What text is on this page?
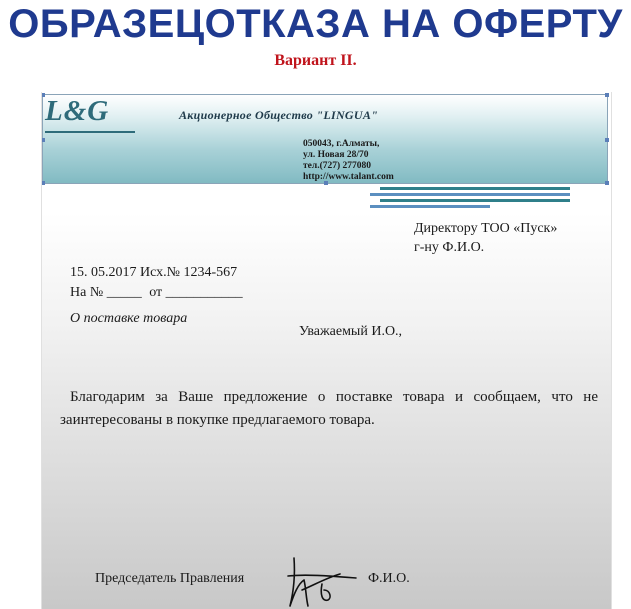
ОБРАЗЕЦОТКАЗА НА ОФЕРТУ
Вариант II.
L&G	Акционерное Общество "LINGUA"
050043, г.Алматы,
ул. Новая 28/70
тел.(727) 277080
http://www.talant.com
Директору ТОО «Пуск»
г-ну Ф.И.О.
15. 05.2017 Исх.№ 1234-567
На № _____ от ___________
О поставке товара
Уважаемый И.О.,
Благодарим за Ваше предложение о поставке товара и сообщаем, что не заинтересованы в покупке предлагаемого товара.
Председатель Правления	Ф.И.О.
